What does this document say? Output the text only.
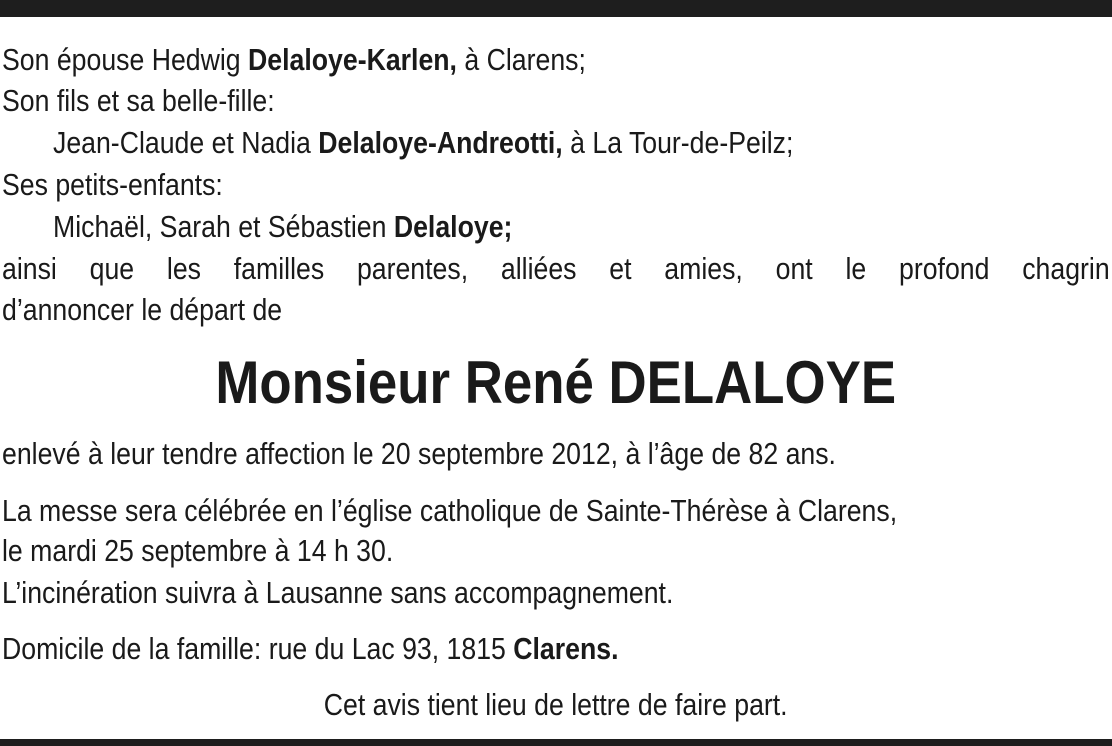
Son épouse Hedwig Delaloye-Karlen, à Clarens;
Son fils et sa belle-fille:
Jean-Claude et Nadia Delaloye-Andreotti, à La Tour-de-Peilz;
Ses petits-enfants:
Michaël, Sarah et Sébastien Delaloye;
ainsi que les familles parentes, alliées et amies, ont le profond chagrin
d’annoncer le départ de
Monsieur René DELALOYE
enlevé à leur tendre affection le 20 septembre 2012, à l’âge de 82 ans.
La messe sera célébrée en l’église catholique de Sainte-Thérèse à Clarens,
le mardi 25 septembre à 14 h 30.
L’incinération suivra à Lausanne sans accompagnement.
Domicile de la famille: rue du Lac 93, 1815 Clarens.
Cet avis tient lieu de lettre de faire part.
